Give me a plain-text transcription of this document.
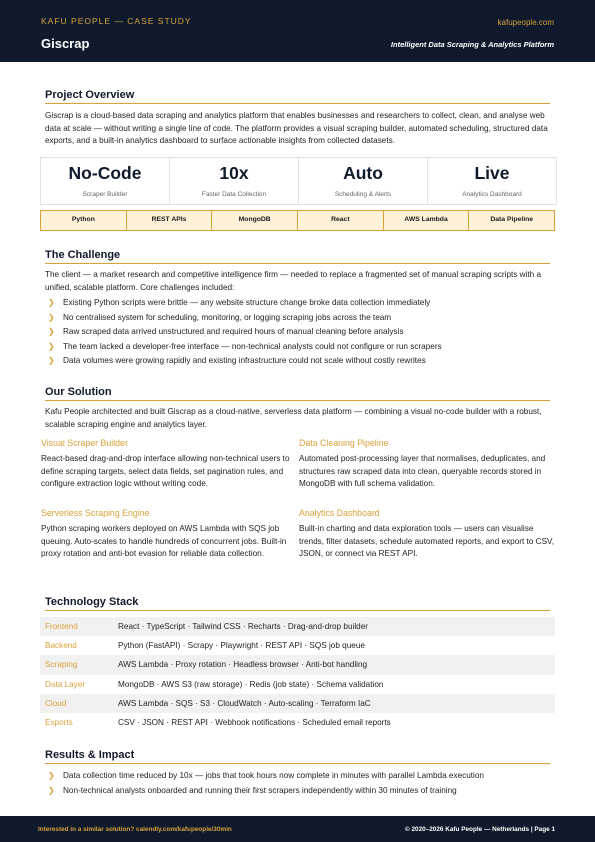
KAFU PEOPLE — CASE STUDY
Giscrap
kafupeople.com
Intelligent Data Scraping & Analytics Platform
Project Overview
Giscrap is a cloud-based data scraping and analytics platform that enables businesses and researchers to collect, clean, and analyse web data at scale — without writing a single line of code. The platform provides a visual scraping builder, automated scheduling, structured data exports, and a built-in analytics dashboard to surface actionable insights from collected datasets.
No-Code
Scraper Builder
10x
Faster Data Collection
Auto
Scheduling & Alerts
Live
Analytics Dashboard
Python	REST APIs	MongoDB	React	AWS Lambda	Data Pipeline
The Challenge
The client — a market research and competitive intelligence firm — needed to replace a fragmented set of manual scraping scripts with a unified, scalable platform. Core challenges included:
❯ Existing Python scripts were brittle — any website structure change broke data collection immediately
❯ No centralised system for scheduling, monitoring, or logging scraping jobs across the team
❯ Raw scraped data arrived unstructured and required hours of manual cleaning before analysis
❯ The team lacked a developer-free interface — non-technical analysts could not configure or run scrapers
❯ Data volumes were growing rapidly and existing infrastructure could not scale without costly rewrites
Our Solution
Kafu People architected and built Giscrap as a cloud-native, serverless data platform — combining a visual no-code builder with a robust, scalable scraping engine and analytics layer.
Visual Scraper Builder
React-based drag-and-drop interface allowing non-technical users to define scraping targets, select data fields, set pagination rules, and configure extraction logic without writing code.
Data Cleaning Pipeline
Automated post-processing layer that normalises, deduplicates, and structures raw scraped data into clean, queryable records stored in MongoDB with full schema validation.
Serverless Scraping Engine
Python scraping workers deployed on AWS Lambda with SQS job queuing. Auto-scales to handle hundreds of concurrent jobs. Built-in proxy rotation and anti-bot evasion for reliable data collection.
Analytics Dashboard
Built-in charting and data exploration tools — users can visualise trends, filter datasets, schedule automated reports, and export to CSV, JSON, or connect via REST API.
Technology Stack
Frontend	React · TypeScript · Tailwind CSS · Recharts · Drag-and-drop builder
Backend	Python (FastAPI) · Scrapy · Playwright · REST API · SQS job queue
Scraping	AWS Lambda · Proxy rotation · Headless browser · Anti-bot handling
Data Layer	MongoDB · AWS S3 (raw storage) · Redis (job state) · Schema validation
Cloud	AWS Lambda · SQS · S3 · CloudWatch · Auto-scaling · Terraform IaC
Exports	CSV · JSON · REST API · Webhook notifications · Scheduled email reports
Results & Impact
❯ Data collection time reduced by 10x — jobs that took hours now complete in minutes with parallel Lambda execution
❯ Non-technical analysts onboarded and running their first scrapers independently within 30 minutes of training
Interested in a similar solution? calendly.com/kafupeople/30min	© 2020–2026 Kafu People — Netherlands | Page 1
